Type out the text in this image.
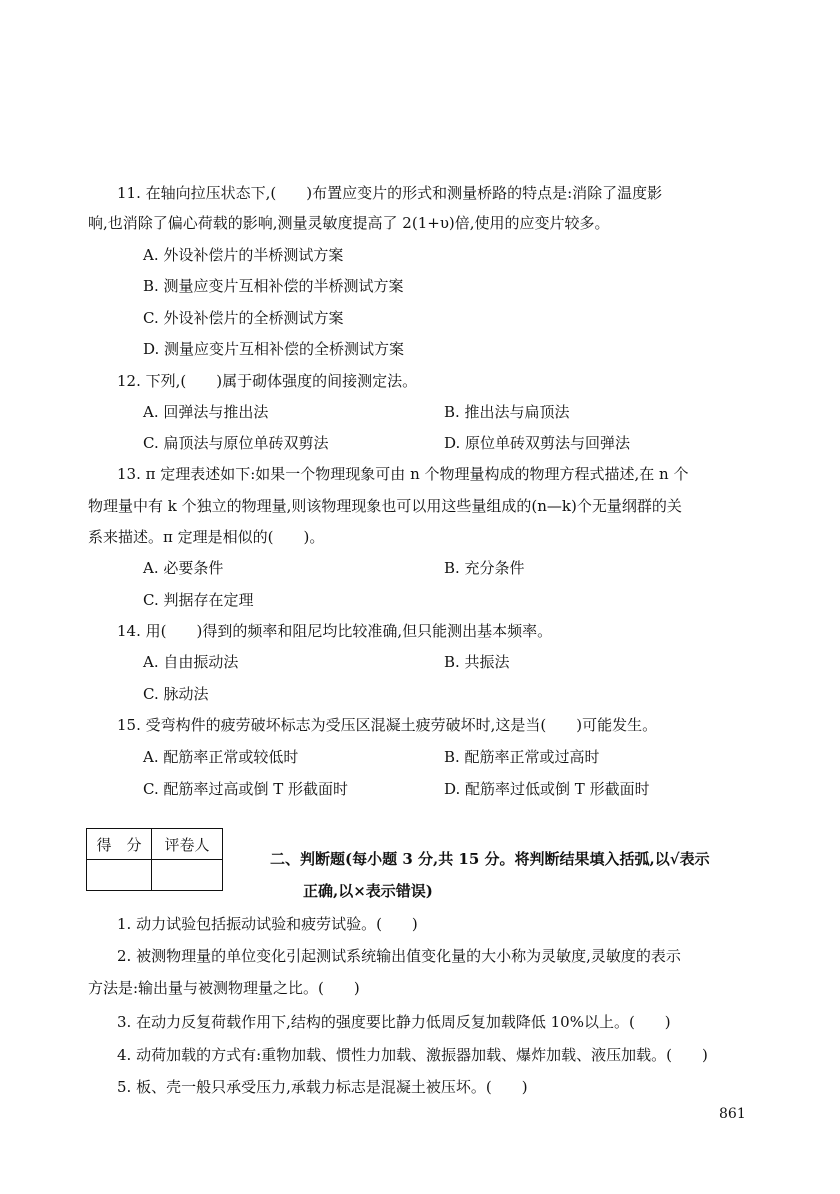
11. 在轴向拉压状态下,(　　)布置应变片的形式和测量桥路的特点是:消除了温度影
响,也消除了偏心荷载的影响,测量灵敏度提高了 2(1+υ)倍,使用的应变片较多。
A. 外设补偿片的半桥测试方案
B. 测量应变片互相补偿的半桥测试方案
C. 外设补偿片的全桥测试方案
D. 测量应变片互相补偿的全桥测试方案
12. 下列,(　　)属于砌体强度的间接测定法。
A. 回弹法与推出法	B. 推出法与扁顶法
C. 扁顶法与原位单砖双剪法	D. 原位单砖双剪法与回弹法
13. π 定理表述如下:如果一个物理现象可由 n 个物理量构成的物理方程式描述,在 n 个
物理量中有 k 个独立的物理量,则该物理现象也可以用这些量组成的(n—k)个无量纲群的关
系来描述。π 定理是相似的(　　)。
A. 必要条件	B. 充分条件
C. 判据存在定理
14. 用(　　)得到的频率和阻尼均比较准确,但只能测出基本频率。
A. 自由振动法	B. 共振法
C. 脉动法
15. 受弯构件的疲劳破坏标志为受压区混凝土疲劳破坏时,这是当(　　)可能发生。
A. 配筋率正常或较低时	B. 配筋率正常或过高时
C. 配筋率过高或倒 T 形截面时	D. 配筋率过低或倒 T 形截面时
得　分	评卷人

二、判断题(每小题 3 分,共 15 分。将判断结果填入括弧,以√表示
正确,以×表示错误)
1. 动力试验包括振动试验和疲劳试验。(　　)
2. 被测物理量的单位变化引起测试系统输出值变化量的大小称为灵敏度,灵敏度的表示
方法是:输出量与被测物理量之比。(　　)
3. 在动力反复荷载作用下,结构的强度要比静力低周反复加载降低 10%以上。(　　)
4. 动荷加载的方式有:重物加载、惯性力加载、激振器加载、爆炸加载、液压加载。(　　)
5. 板、壳一般只承受压力,承载力标志是混凝土被压坏。(　　)
861
